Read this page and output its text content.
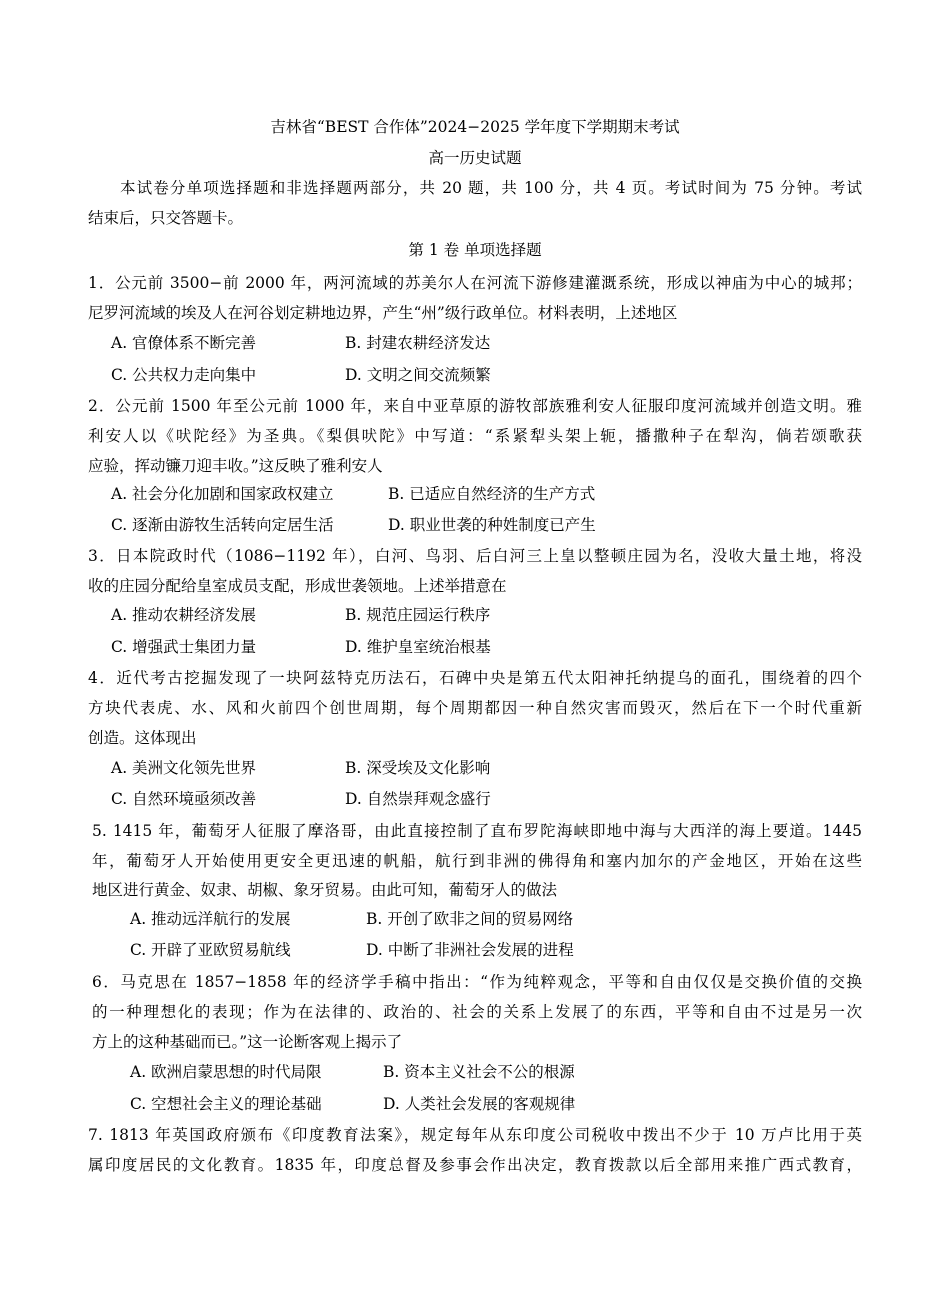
吉林省“BEST 合作体”2024−2025 学年度下学期期末考试
高一历史试题
本试卷分单项选择题和非选择题两部分，共 20 题，共 100 分，共 4 页。考试时间为 75 分钟。考试
结束后，只交答题卡。
第 1 卷 单项选择题
1．公元前 3500−前 2000 年，两河流域的苏美尔人在河流下游修建灌溉系统，形成以神庙为中心的城邦；
尼罗河流域的埃及人在河谷划定耕地边界，产生“州”级行政单位。材料表明，上述地区
A. 官僚体系不断完善	B. 封建农耕经济发达
C. 公共权力走向集中	D. 文明之间交流频繁
2．公元前 1500 年至公元前 1000 年，来自中亚草原的游牧部族雅利安人征服印度河流域并创造文明。雅
利安人以《吠陀经》为圣典。《梨俱吠陀》中写道：“系紧犁头架上轭，播撒种子在犁沟，倘若颂歌获
应验，挥动镰刀迎丰收。”这反映了雅利安人
A. 社会分化加剧和国家政权建立	B. 已适应自然经济的生产方式
C. 逐渐由游牧生活转向定居生活	D. 职业世袭的种姓制度已产生
3．日本院政时代（1086−1192 年），白河、鸟羽、后白河三上皇以整顿庄园为名，没收大量土地，将没
收的庄园分配给皇室成员支配，形成世袭领地。上述举措意在
A. 推动农耕经济发展	B. 规范庄园运行秩序
C. 增强武士集团力量	D. 维护皇室统治根基
4．近代考古挖掘发现了一块阿兹特克历法石，石碑中央是第五代太阳神托纳提乌的面孔，围绕着的四个
方块代表虎、水、风和火前四个创世周期，每个周期都因一种自然灾害而毁灭，然后在下一个时代重新
创造。这体现出
A. 美洲文化领先世界	B. 深受埃及文化影响
C. 自然环境亟须改善	D. 自然崇拜观念盛行
5. 1415 年，葡萄牙人征服了摩洛哥，由此直接控制了直布罗陀海峡即地中海与大西洋的海上要道。1445
年，葡萄牙人开始使用更安全更迅速的帆船，航行到非洲的佛得角和塞内加尔的产金地区，开始在这些
地区进行黄金、奴隶、胡椒、象牙贸易。由此可知，葡萄牙人的做法
A. 推动远洋航行的发展	B. 开创了欧非之间的贸易网络
C. 开辟了亚欧贸易航线	D. 中断了非洲社会发展的进程
6．马克思在 1857−1858 年的经济学手稿中指出：“作为纯粹观念，平等和自由仅仅是交换价值的交换
的一种理想化的表现；作为在法律的、政治的、社会的关系上发展了的东西，平等和自由不过是另一次
方上的这种基础而已。”这一论断客观上揭示了
A. 欧洲启蒙思想的时代局限	B. 资本主义社会不公的根源
C. 空想社会主义的理论基础	D. 人类社会发展的客观规律
7. 1813 年英国政府颁布《印度教育法案》，规定每年从东印度公司税收中拨出不少于 10 万卢比用于英
属印度居民的文化教育。1835 年，印度总督及参事会作出决定，教育拨款以后全部用来推广西式教育，
